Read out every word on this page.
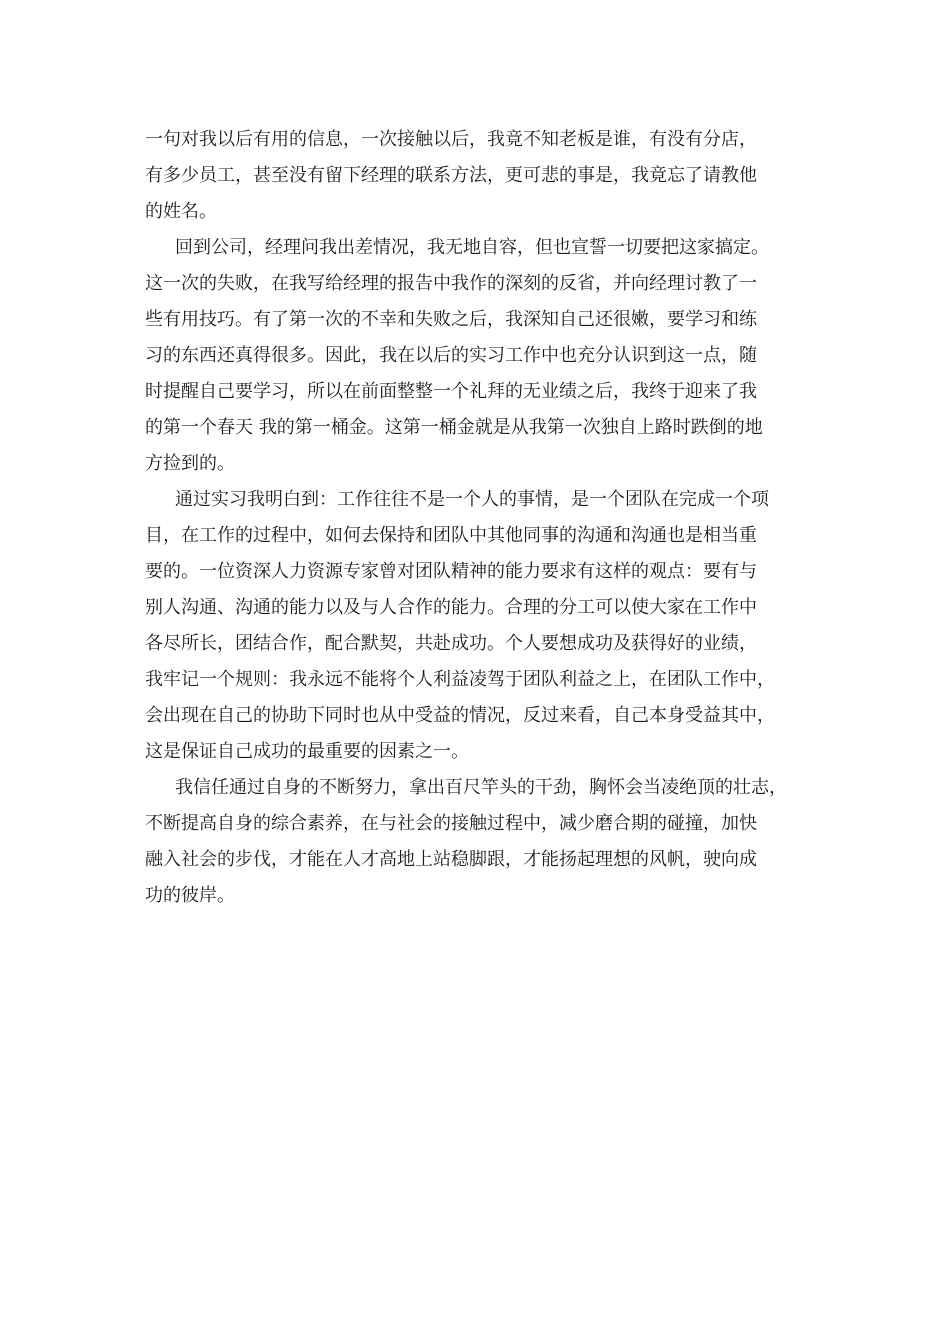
一句对我以后有用的信息，一次接触以后，我竟不知老板是谁，有没有分店，
有多少员工，甚至没有留下经理的联系方法，更可悲的事是，我竟忘了请教他
的姓名。
回到公司，经理问我出差情况，我无地自容，但也宣誓一切要把这家搞定。
这一次的失败，在我写给经理的报告中我作的深刻的反省，并向经理讨教了一
些有用技巧。有了第一次的不幸和失败之后，我深知自己还很嫩，要学习和练
习的东西还真得很多。因此，我在以后的实习工作中也充分认识到这一点，随
时提醒自己要学习，所以在前面整整一个礼拜的无业绩之后，我终于迎来了我
的第一个春天 我的第一桶金。这第一桶金就是从我第一次独自上路时跌倒的地
方捡到的。
通过实习我明白到：工作往往不是一个人的事情，是一个团队在完成一个项
目，在工作的过程中，如何去保持和团队中其他同事的沟通和沟通也是相当重
要的。一位资深人力资源专家曾对团队精神的能力要求有这样的观点：要有与
别人沟通、沟通的能力以及与人合作的能力。合理的分工可以使大家在工作中
各尽所长，团结合作，配合默契，共赴成功。个人要想成功及获得好的业绩，
我牢记一个规则：我永远不能将个人利益凌驾于团队利益之上，在团队工作中，
会出现在自己的协助下同时也从中受益的情况，反过来看，自己本身受益其中，
这是保证自己成功的最重要的因素之一。
我信任通过自身的不断努力，拿出百尺竿头的干劲，胸怀会当凌绝顶的壮志，
不断提高自身的综合素养，在与社会的接触过程中，减少磨合期的碰撞，加快
融入社会的步伐，才能在人才高地上站稳脚跟，才能扬起理想的风帆，驶向成
功的彼岸。
